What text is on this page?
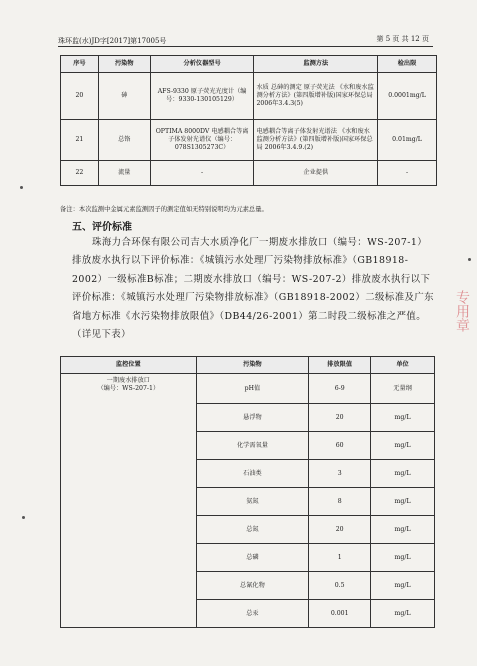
珠环监(水)JD字[2017]第17005号	第 5 页 共 12 页
序号	污染物	分析仪器型号	监测方法	检出限
20	砷	AFS-9330 原子荧光光度计（编号：9330-130105129）	水质 总砷的测定 原子荧光法 《水和废水监测分析方法》(第四版增补版)国家环保总局 2006年3.4.3(5)	0.0001mg/L
21	总铬	OPTIMA 8000DV 电感耦合等离子体发射光谱仪（编号：078S1305273C）	电感耦合等离子体发射光谱法 《水和废水监测分析方法》(第四版增补版)国家环保总局 2006年3.4.9.(2)	0.01mg/L
22	流量	-	企业提供	-
备注：本次监测中金属元素监测因子的测定值如无特别说明均为元素总量。
五、评价标准
珠海力合环保有限公司吉大水质净化厂一期废水排放口（编号：WS-207-1）排放废水执行以下评价标准：《城镇污水处理厂污染物排放标准》（GB18918-2002）一级标准B标准；二期废水排放口（编号：WS-207-2）排放废水执行以下评价标准：《城镇污水处理厂污染物排放标准》（GB18918-2002）二级标准及广东省地方标准《水污染物排放限值》（DB44/26-2001）第二时段二级标准之严值。（详见下表）
监控位置	污染物	排放限值	单位
一期废水排放口
（编号：WS-207-1）	pH值	6-9	无量纲
	悬浮物	20	mg/L
	化学需氧量	60	mg/L
	石油类	3	mg/L
	氨氮	8	mg/L
	总氮	20	mg/L
	总磷	1	mg/L
	总氰化物	0.5	mg/L
	总汞	0.001	mg/L
专用章
